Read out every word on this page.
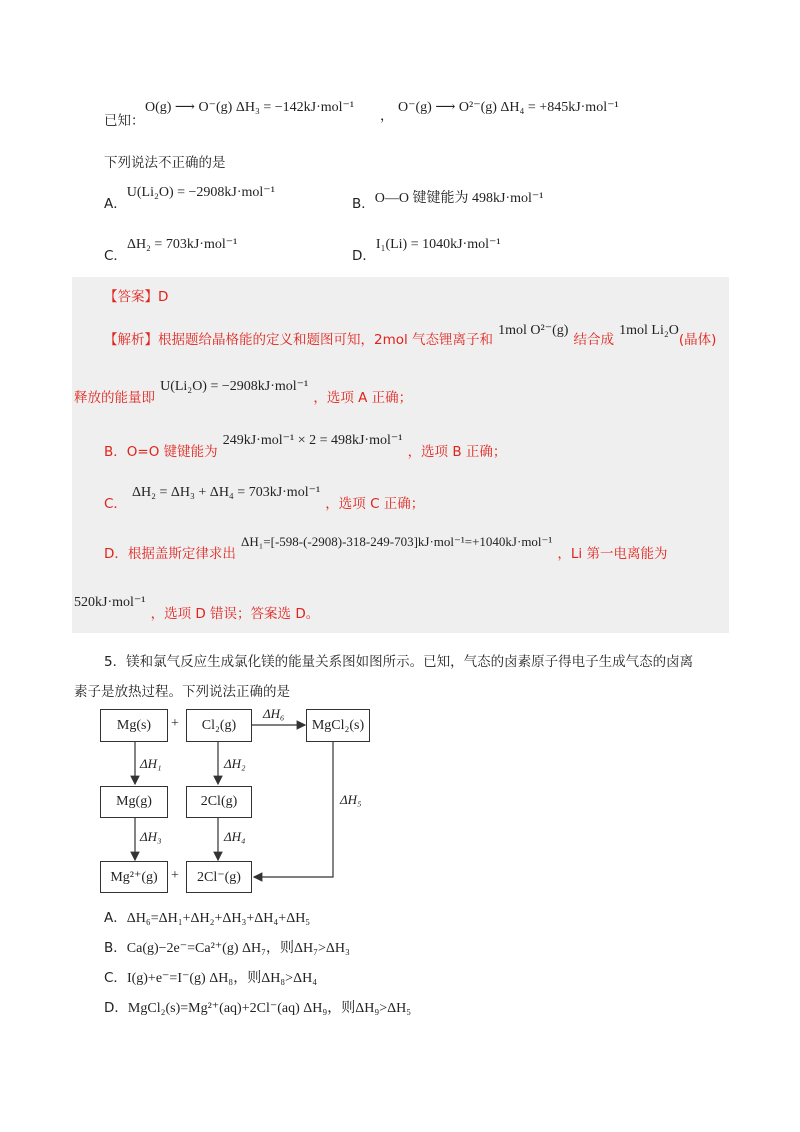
已知：
O(g) ⟶ O⁻(g) ΔH₃ = −142kJ·mol⁻¹
，
O⁻(g) ⟶ O²⁻(g) ΔH₄ = +845kJ·mol⁻¹
下列说法不正确的是
$_{A.}$U(Li₂O) = −2908kJ·mol⁻¹
$_{B.}$O—O 键键能为 498kJ·mol⁻¹
$_{C.}$ΔH₂ = 703kJ·mol⁻¹
$_{D.}$I₁(Li) = 1040kJ·mol⁻¹
【答案】D
$_{【解析】根据题给晶格能的定义和题图可知,2mol 气态锂离子和}$ 1mol O²⁻(g) $_{结合成}$ 1mol $Li_2O_{(晶体)}$
$_{释放的能量即}$ U(Li₂O) = −2908kJ·mol⁻¹ $_{,选项 A 正确;}$
$_{B.O=O 键键能为}$ 249kJ·mol⁻¹ × 2 = 498kJ·mol⁻¹ $_{,选项 B 正确;}$
$_{C.}$ ΔH₂ = ΔH₃ + ΔH₄ = 703kJ·mol⁻¹ $_{,选项 C 正确;}$
$_{D.根据盖斯定律求出}$ ΔH₁=[-598-(-2908)-318-249-703]kJ·mol⁻¹=+1040kJ·mol⁻¹ $_{,Li 第一电离能为}$
520kJ·mol⁻¹ $_{,选项 D 错误;答案选 D。}$
5．镁和氯气反应生成氯化镁的能量关系图如图所示。已知，气态的卤素原子得电子生成气态的卤离
素子是放热过程。下列说法正确的是
Mg(s)	+	Cl₂(g)
ΔH₆
MgCl₂(s)
ΔH₁	ΔH₂
ΔH₅
Mg(g)	2Cl(g)
ΔH₃	ΔH₄
Mg²⁺(g) +	2Cl⁻(g)
A．ΔH₆=ΔH₁+ΔH₂+ΔH₃+ΔH₄+ΔH₅
B．Ca(g)−2e⁻=Ca²⁺(g) ΔH₇，则ΔH₇>ΔH₃
C．I(g)+e⁻=I⁻(g) ΔH₈，则ΔH₈>ΔH₄
D．MgCl₂(s)=Mg²⁺(aq)+2Cl⁻(aq) ΔH₉，则ΔH₉>ΔH₅
